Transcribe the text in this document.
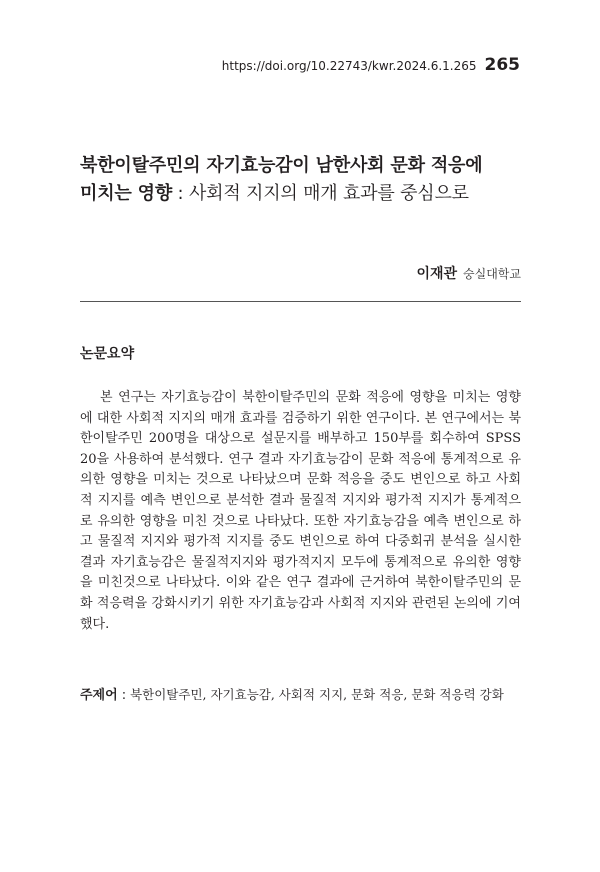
https://doi.org/10.22743/kwr.2024.6.1.265 265
북한이탈주민의 자기효능감이 남한사회 문화 적응에
미치는 영향 : 사회적 지지의 매개 효과를 중심으로
이재관 숭실대학교
논문요약

본 연구는 자기효능감이 북한이탈주민의 문화 적응에 영향을 미치는 영향에 대한 사회적 지지의 매개 효과를 검증하기 위한 연구이다. 본 연구에서는 북한이탈주민 200명을 대상으로 설문지를 배부하고 150부를 회수하여 SPSS 20을 사용하여 분석했다. 연구 결과 자기효능감이 문화 적응에 통계적으로 유의한 영향을 미치는 것으로 나타났으며 문화 적응을 중도 변인으로 하고 사회적 지지를 예측 변인으로 분석한 결과 물질적 지지와 평가적 지지가 통계적으로 유의한 영향을 미친 것으로 나타났다. 또한 자기효능감을 예측 변인으로 하고 물질적 지지와 평가적 지지를 중도 변인으로 하여 다중회귀 분석을 실시한 결과 자기효능감은 물질적지지와 평가적지지 모두에 통계적으로 유의한 영향을 미친것으로 나타났다. 이와 같은 연구 결과에 근거하여 북한이탈주민의 문화 적응력을 강화시키기 위한 자기효능감과 사회적 지지와 관련된 논의에 기여했다.

주제어 : 북한이탈주민, 자기효능감, 사회적 지지, 문화 적응, 문화 적응력 강화
